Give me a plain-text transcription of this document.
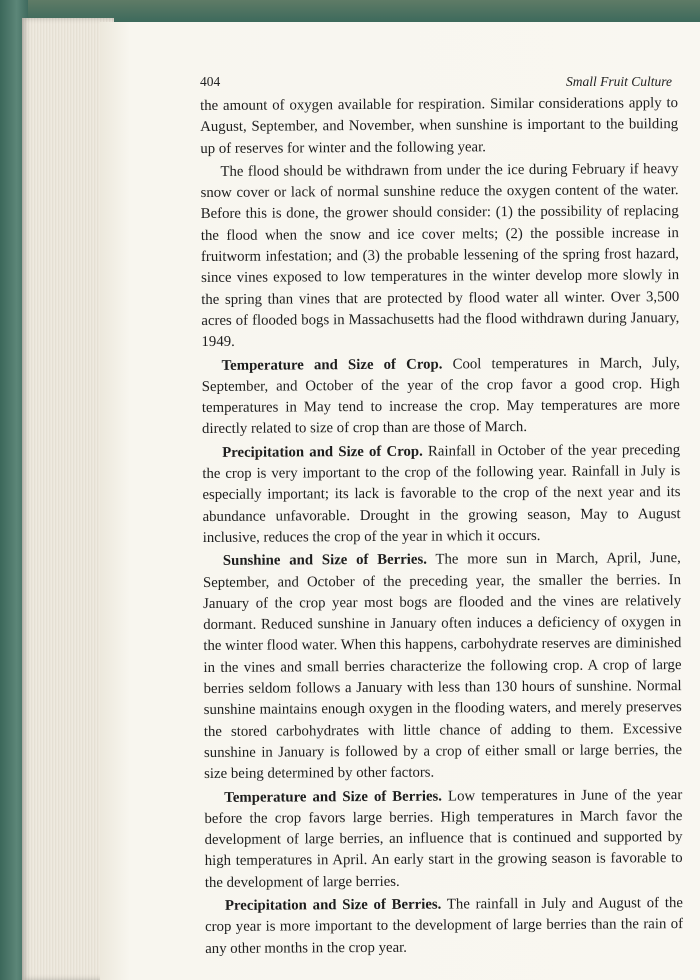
404	Small Fruit Culture

the amount of oxygen available for respiration. Similar considerations apply to August, September, and November, when sunshine is important to the building up of reserves for winter and the following year.

The flood should be withdrawn from under the ice during February if heavy snow cover or lack of normal sunshine reduce the oxygen content of the water. Before this is done, the grower should consider: (1) the possibility of replacing the flood when the snow and ice cover melts; (2) the possible increase in fruitworm infestation; and (3) the probable lessening of the spring frost hazard, since vines exposed to low temperatures in the winter develop more slowly in the spring than vines that are protected by flood water all winter. Over 3,500 acres of flooded bogs in Massachusetts had the flood withdrawn during January, 1949.

Temperature and Size of Crop. Cool temperatures in March, July, September, and October of the year of the crop favor a good crop. High temperatures in May tend to increase the crop. May temperatures are more directly related to size of crop than are those of March.

Precipitation and Size of Crop. Rainfall in October of the year preceding the crop is very important to the crop of the following year. Rainfall in July is especially important; its lack is favorable to the crop of the next year and its abundance unfavorable. Drought in the growing season, May to August inclusive, reduces the crop of the year in which it occurs.

Sunshine and Size of Berries. The more sun in March, April, June, September, and October of the preceding year, the smaller the berries. In January of the crop year most bogs are flooded and the vines are relatively dormant. Reduced sunshine in January often induces a deficiency of oxygen in the winter flood water. When this happens, carbohydrate reserves are diminished in the vines and small berries characterize the following crop. A crop of large berries seldom follows a January with less than 130 hours of sunshine. Normal sunshine maintains enough oxygen in the flooding waters, and merely preserves the stored carbohydrates with little chance of adding to them. Excessive sunshine in January is followed by a crop of either small or large berries, the size being determined by other factors.

Temperature and Size of Berries. Low temperatures in June of the year before the crop favors large berries. High temperatures in March favor the development of large berries, an influence that is continued and supported by high temperatures in April. An early start in the growing season is favorable to the development of large berries.

Precipitation and Size of Berries. The rainfall in July and August of the crop year is more important to the development of large berries than the rain of any other months in the crop year.
